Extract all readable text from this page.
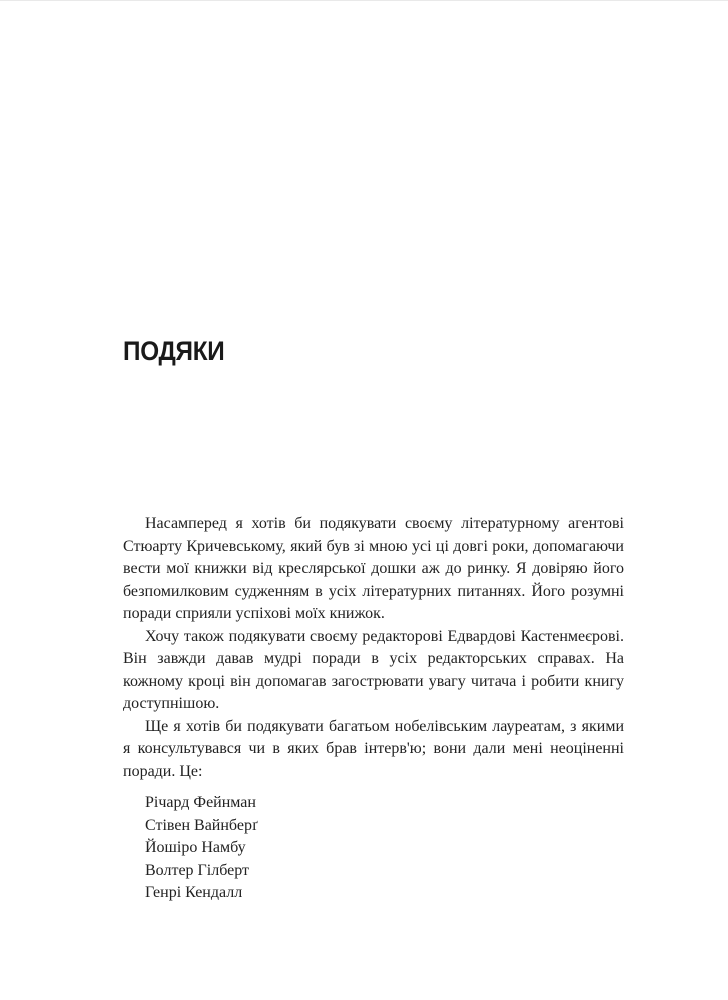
ПОДЯКИ

Насамперед я хотів би подякувати своєму літературному агентові Стюарту Кричевському, який був зі мною усі ці довгі роки, допомагаючи вести мої книжки від креслярської дошки аж до ринку. Я довіряю його безпомилковим судженням в усіх літературних питаннях. Його розумні поради сприяли успіхові моїх книжок.

Хочу також подякувати своєму редакторові Едвардові Кастенмеєрові. Він завжди давав мудрі поради в усіх редакторських справах. На кожному кроці він допомагав загострювати увагу читача і робити книгу доступнішою.

Ще я хотів би подякувати багатьом нобелівським лауреатам, з якими я консультувався чи в яких брав інтерв'ю; вони дали мені неоціненні поради. Це:

Річард Фейнман
Стівен Вайнберґ
Йошіро Намбу
Волтер Гілберт
Генрі Кендалл
